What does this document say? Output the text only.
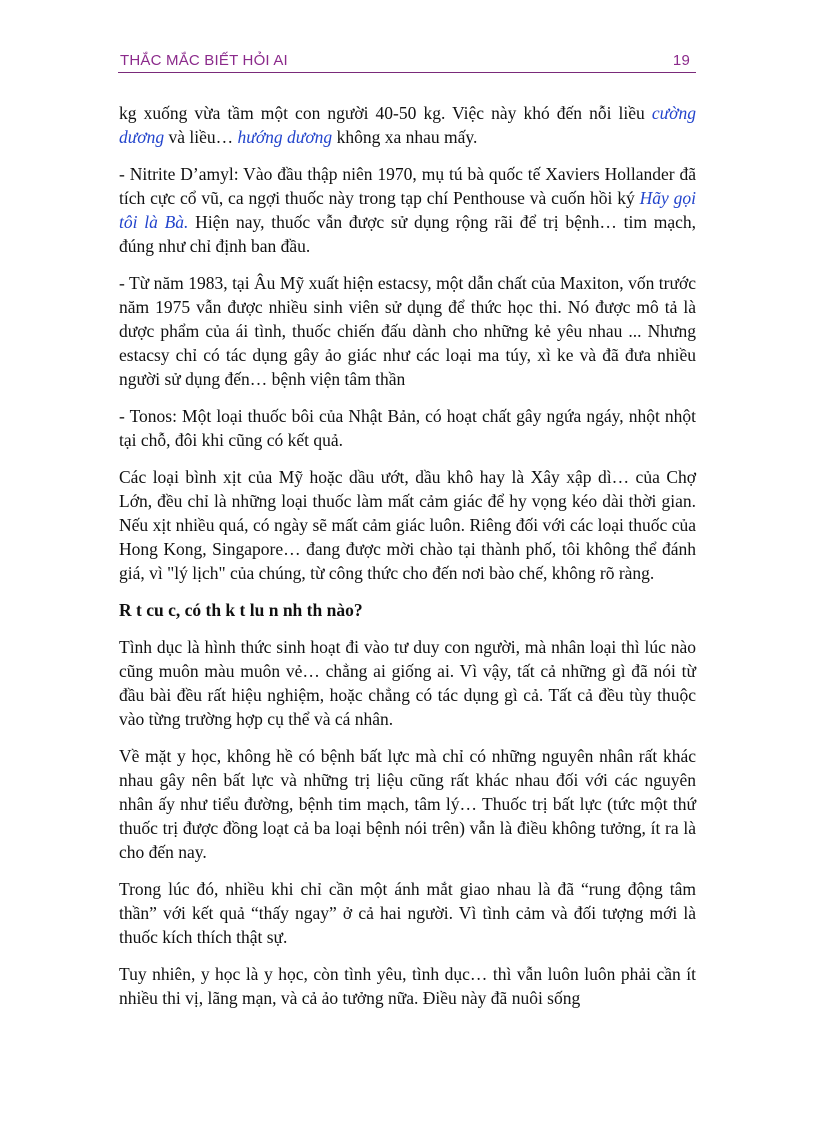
THẮC MẮC BIẾT HỎI AI	19

kg xuống vừa tầm một con người 40-50 kg. Việc này khó đến nỗi liều cường dương và liều… hướng dương không xa nhau mấy.

- Nitrite D’amyl: Vào đầu thập niên 1970, mụ tú bà quốc tế Xaviers Hollander đã tích cực cổ vũ, ca ngợi thuốc này trong tạp chí Penthouse và cuốn hồi ký Hãy gọi tôi là Bà. Hiện nay, thuốc vẫn được sử dụng rộng rãi để trị bệnh… tim mạch, đúng như chỉ định ban đầu.

- Từ năm 1983, tại Âu Mỹ xuất hiện estacsy, một dẫn chất của Maxiton, vốn trước năm 1975 vẫn được nhiều sinh viên sử dụng để thức học thi. Nó được mô tả là dược phẩm của ái tình, thuốc chiến đấu dành cho những kẻ yêu nhau ... Nhưng estacsy chỉ có tác dụng gây ảo giác như các loại ma túy, xì ke và đã đưa nhiều người sử dụng đến… bệnh viện tâm thần

- Tonos: Một loại thuốc bôi của Nhật Bản, có hoạt chất gây ngứa ngáy, nhột nhột tại chỗ, đôi khi cũng có kết quả.

Các loại bình xịt của Mỹ hoặc dầu ướt, dầu khô hay là Xây xập dì… của Chợ Lớn, đều chỉ là những loại thuốc làm mất cảm giác để hy vọng kéo dài thời gian. Nếu xịt nhiều quá, có ngày sẽ mất cảm giác luôn. Riêng đối với các loại thuốc của Hong Kong, Singapore… đang được mời chào tại thành phố, tôi không thể đánh giá, vì "lý lịch" của chúng, từ công thức cho đến nơi bào chế, không rõ ràng.

R t cu c, có th k t lu n nh th nào?

Tình dục là hình thức sinh hoạt đi vào tư duy con người, mà nhân loại thì lúc nào cũng muôn màu muôn vẻ… chẳng ai giống ai. Vì vậy, tất cả những gì đã nói từ đầu bài đều rất hiệu nghiệm, hoặc chẳng có tác dụng gì cả. Tất cả đều tùy thuộc vào từng trường hợp cụ thể và cá nhân.

Về mặt y học, không hề có bệnh bất lực mà chỉ có những nguyên nhân rất khác nhau gây nên bất lực và những trị liệu cũng rất khác nhau đối với các nguyên nhân ấy như tiểu đường, bệnh tim mạch, tâm lý… Thuốc trị bất lực (tức một thứ thuốc trị được đồng loạt cả ba loại bệnh nói trên) vẫn là điều không tưởng, ít ra là cho đến nay.

Trong lúc đó, nhiều khi chỉ cần một ánh mắt giao nhau là đã “rung động tâm thần” với kết quả “thấy ngay” ở cả hai người. Vì tình cảm và đối tượng mới là thuốc kích thích thật sự.

Tuy nhiên, y học là y học, còn tình yêu, tình dục… thì vẫn luôn luôn phải cần ít nhiều thi vị, lãng mạn, và cả ảo tưởng nữa. Điều này đã nuôi sống
